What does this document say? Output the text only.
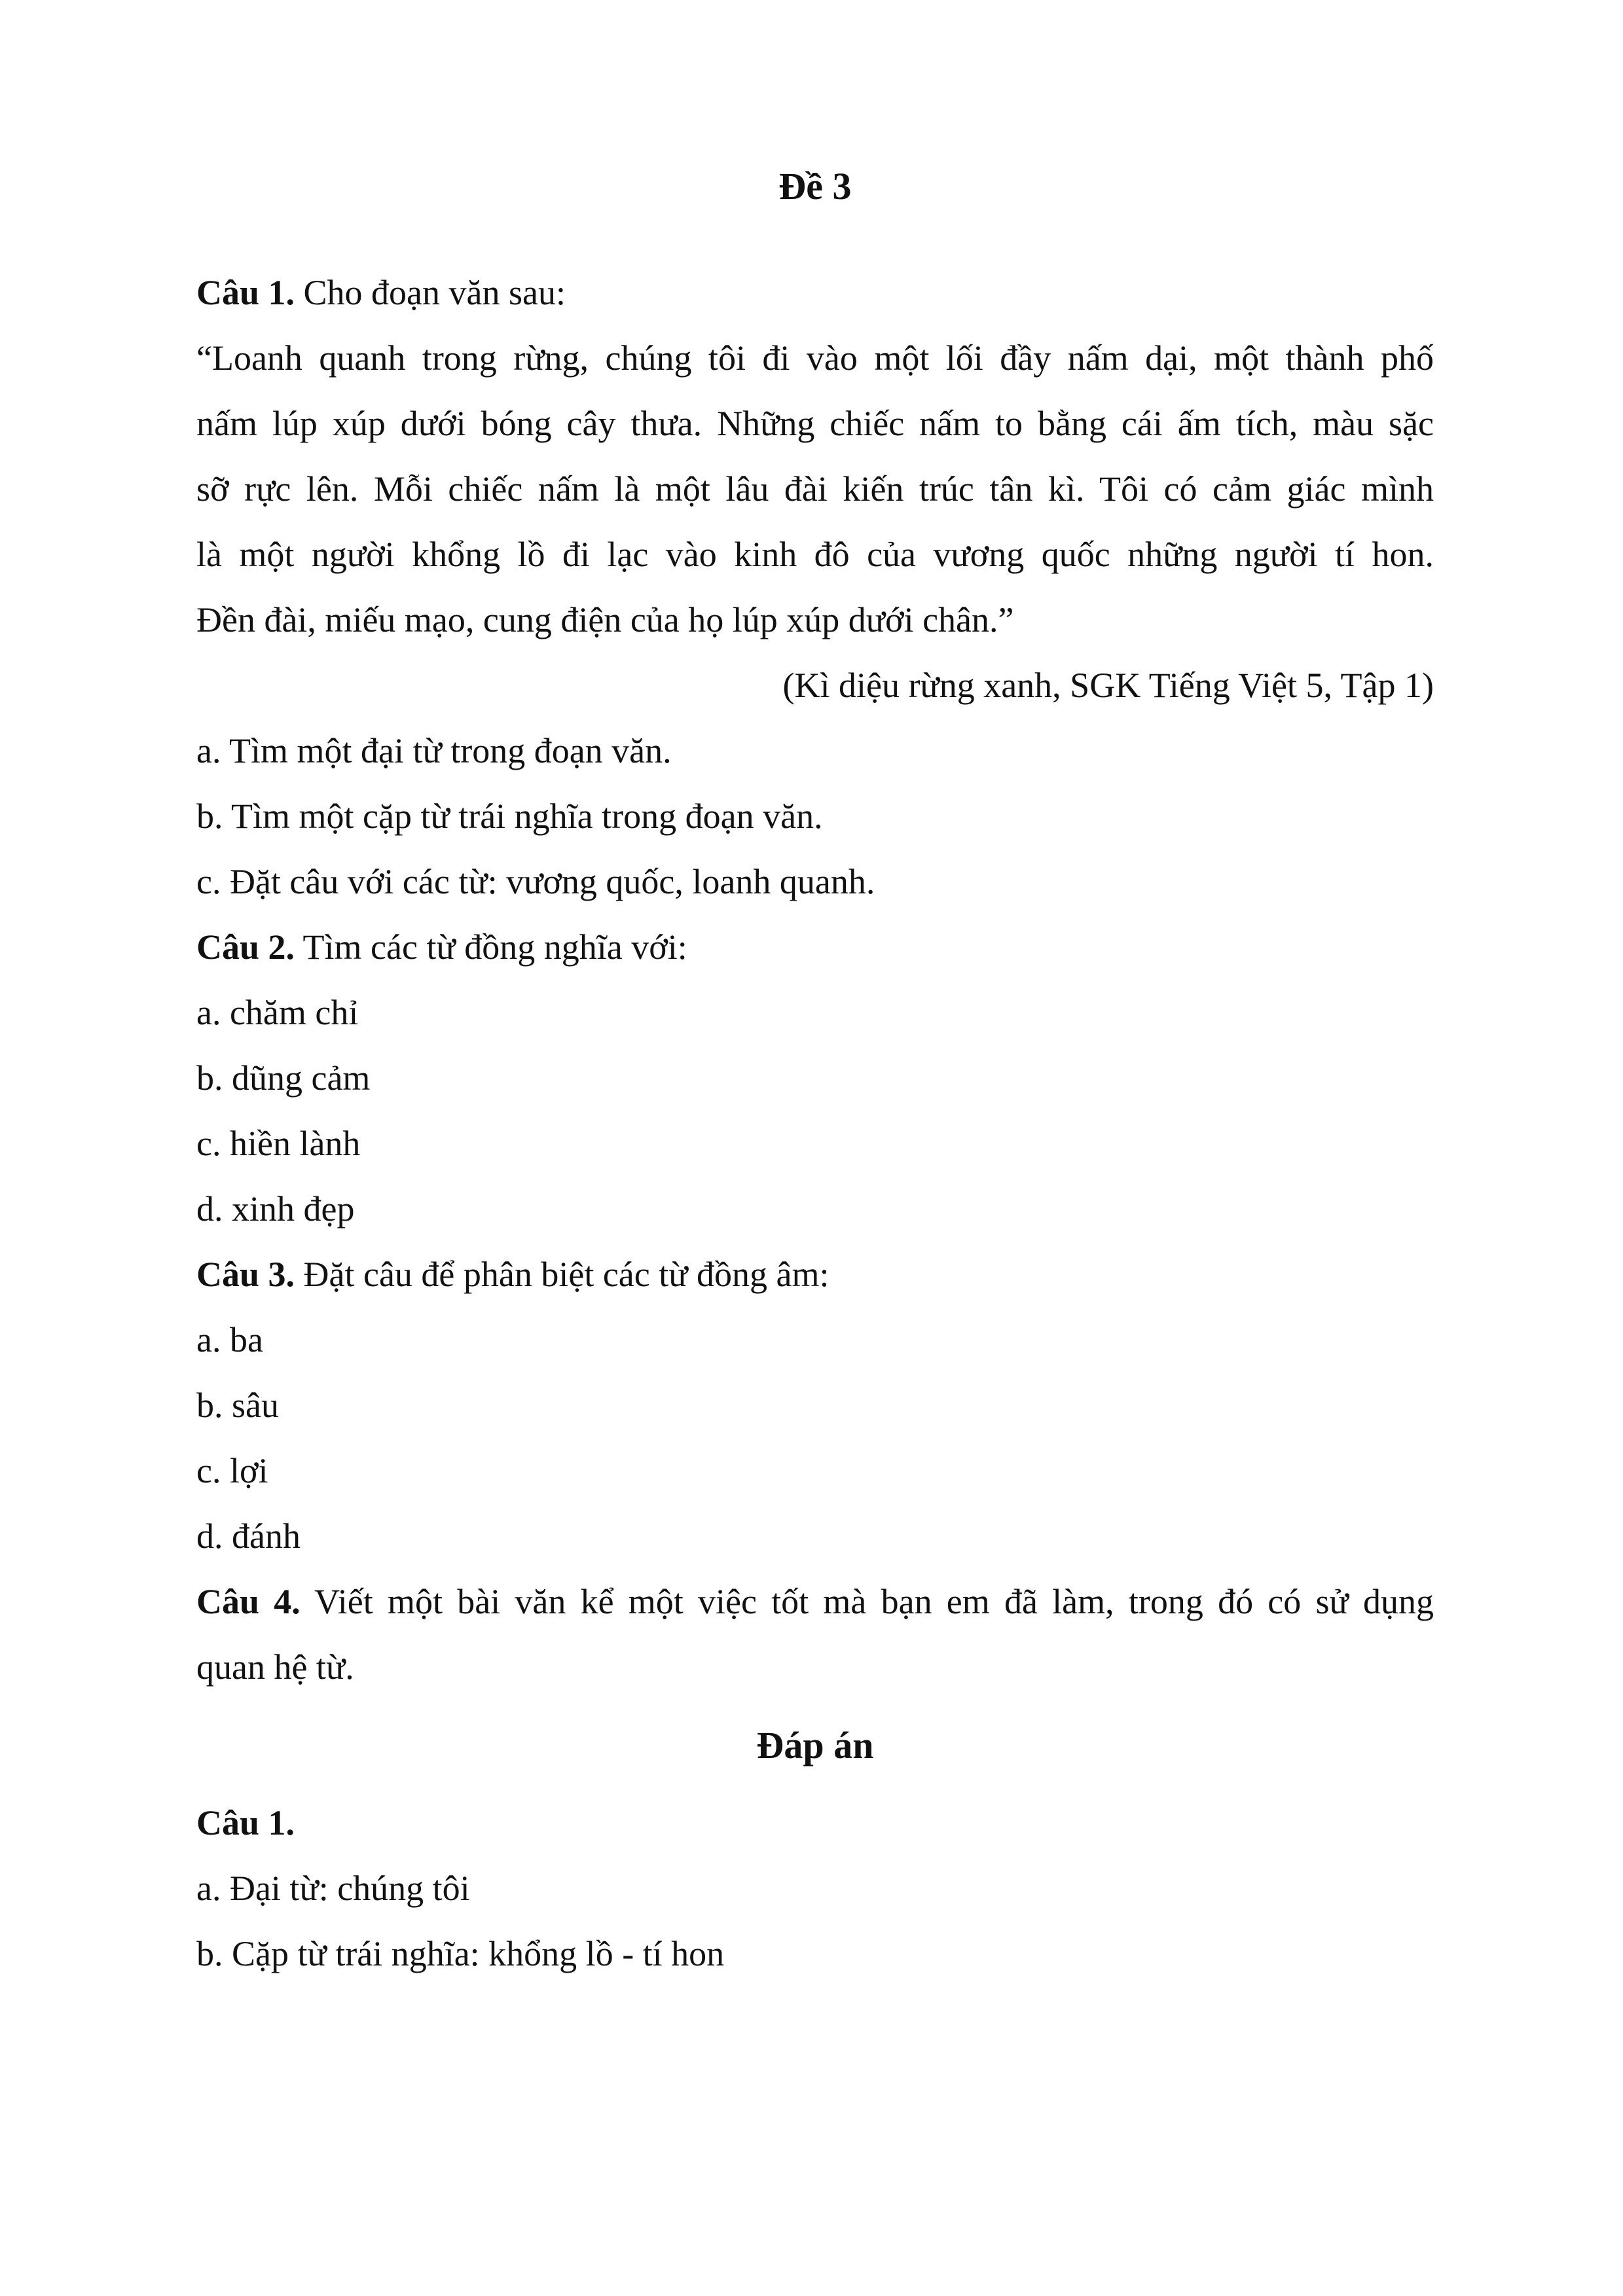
Đề 3
Câu 1. Cho đoạn văn sau:
“Loanh quanh trong rừng, chúng tôi đi vào một lối đầy nấm dại, một thành phố
nấm lúp xúp dưới bóng cây thưa. Những chiếc nấm to bằng cái ấm tích, màu sặc
sỡ rực lên. Mỗi chiếc nấm là một lâu đài kiến trúc tân kì. Tôi có cảm giác mình
là một người khổng lồ đi lạc vào kinh đô của vương quốc những người tí hon.
Đền đài, miếu mạo, cung điện của họ lúp xúp dưới chân.”
(Kì diệu rừng xanh, SGK Tiếng Việt 5, Tập 1)
a. Tìm một đại từ trong đoạn văn.
b. Tìm một cặp từ trái nghĩa trong đoạn văn.
c. Đặt câu với các từ: vương quốc, loanh quanh.
Câu 2. Tìm các từ đồng nghĩa với:
a. chăm chỉ
b. dũng cảm
c. hiền lành
d. xinh đẹp
Câu 3. Đặt câu để phân biệt các từ đồng âm:
a. ba
b. sâu
c. lợi
d. đánh
Câu 4. Viết một bài văn kể một việc tốt mà bạn em đã làm, trong đó có sử dụng
quan hệ từ.
Đáp án
Câu 1.
a. Đại từ: chúng tôi
b. Cặp từ trái nghĩa: khổng lồ - tí hon
